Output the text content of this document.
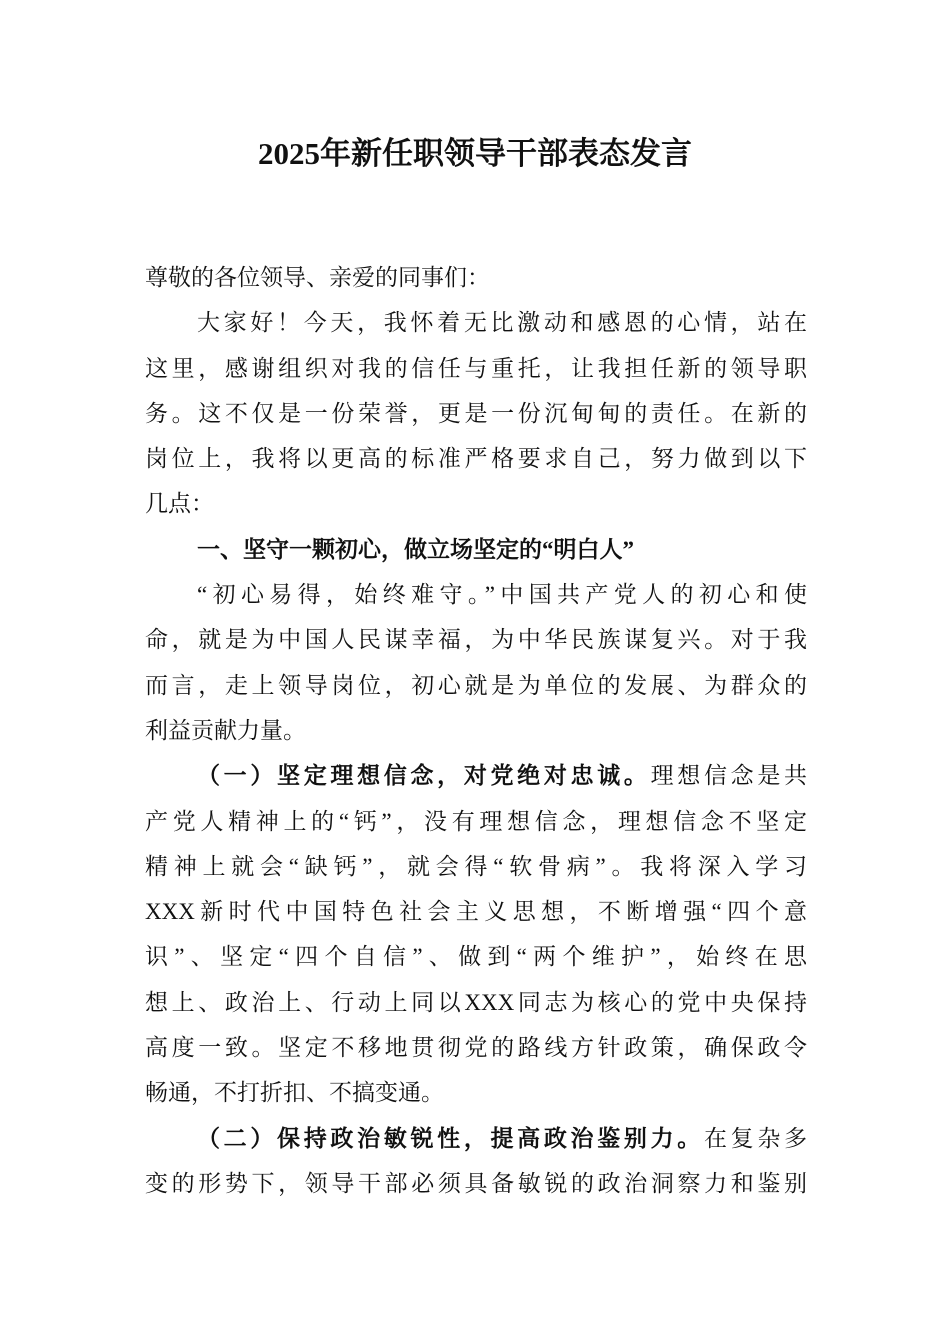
2025年新任职领导干部表态发言
尊敬的各位领导、亲爱的同事们：
大家好！今天，我怀着无比激动和感恩的心情，站在
这里，感谢组织对我的信任与重托，让我担任新的领导职
务。这不仅是一份荣誉，更是一份沉甸甸的责任。在新的
岗位上，我将以更高的标准严格要求自己，努力做到以下
几点：
一、坚守一颗初心，做立场坚定的“明白人”
“初心易得，始终难守。”中国共产党人的初心和使
命，就是为中国人民谋幸福，为中华民族谋复兴。对于我
而言，走上领导岗位，初心就是为单位的发展、为群众的
利益贡献力量。
（一）坚定理想信念，对党绝对忠诚。理想信念是共
产党人精神上的“钙”，没有理想信念，理想信念不坚定
精神上就会“缺钙”，就会得“软骨病”。我将深入学习
XXX新时代中国特色社会主义思想，不断增强“四个意
识”、坚定“四个自信”、做到“两个维护”，始终在思
想上、政治上、行动上同以XXX同志为核心的党中央保持
高度一致。坚定不移地贯彻党的路线方针政策，确保政令
畅通，不打折扣、不搞变通。
（二）保持政治敏锐性，提高政治鉴别力。在复杂多
变的形势下，领导干部必须具备敏锐的政治洞察力和鉴别
